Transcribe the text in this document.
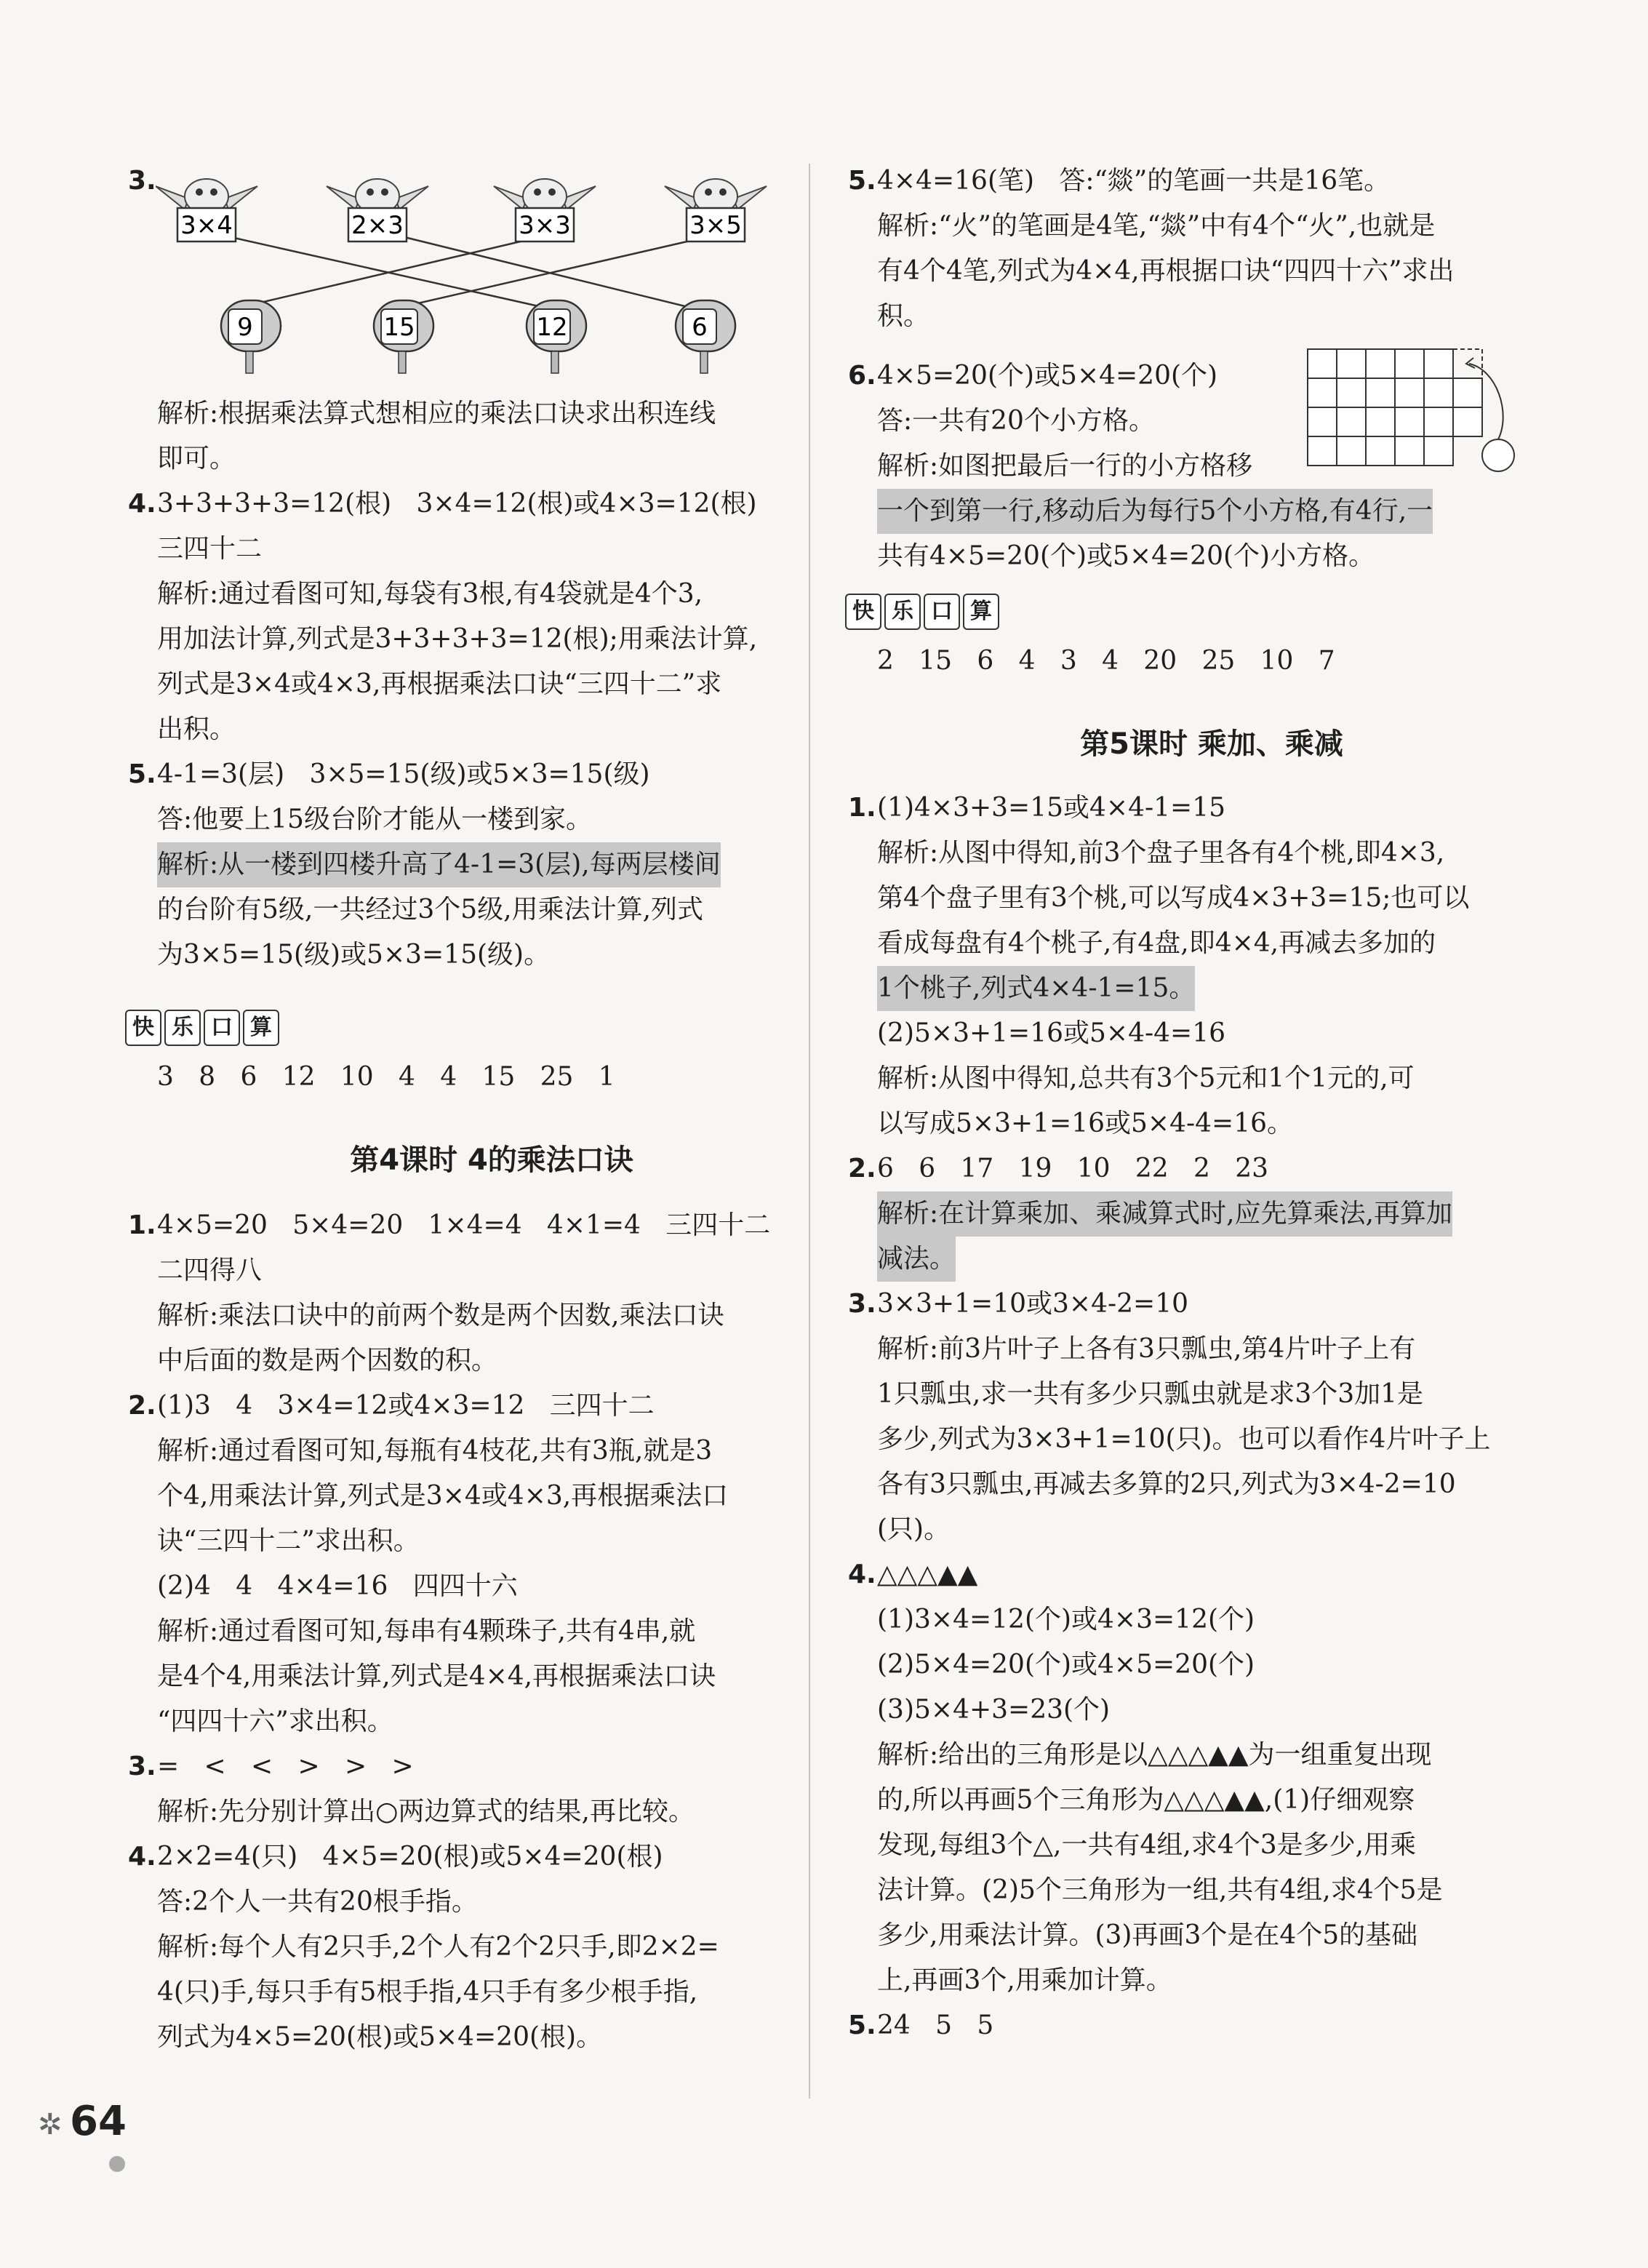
3×4	2×3	3×3	3×5
9	15	12	6
3.
解析:根据乘法算式想相应的乘法口诀求出积连线
即可。
4. 3+3+3+3=12(根)   3×4=12(根)或4×3=12(根)
三四十二
解析:通过看图可知,每袋有3根,有4袋就是4个3,
用加法计算,列式是3+3+3+3=12(根);用乘法计算,
列式是3×4或4×3,再根据乘法口诀“三四十二”求
出积。
5. 4-1=3(层)   3×5=15(级)或5×3=15(级)
答:他要上15级台阶才能从一楼到家。
解析:从一楼到四楼升高了4-1=3(层),每两层楼间
的台阶有5级,一共经过3个5级,用乘法计算,列式
为3×5=15(级)或5×3=15(级)。
快 乐 口 算
3   8   6   12   10   4   4   15   25   1
第4课时 4的乘法口诀
1. 4×5=20   5×4=20   1×4=4   4×1=4   三四十二
二四得八
解析:乘法口诀中的前两个数是两个因数,乘法口诀
中后面的数是两个因数的积。
2. (1)3   4   3×4=12或4×3=12   三四十二
解析:通过看图可知,每瓶有4枝花,共有3瓶,就是3
个4,用乘法计算,列式是3×4或4×3,再根据乘法口
诀“三四十二”求出积。
(2)4   4   4×4=16   四四十六
解析:通过看图可知,每串有4颗珠子,共有4串,就
是4个4,用乘法计算,列式是4×4,再根据乘法口诀
“四四十六”求出积。
3. =   <   <   >   >   >
解析:先分别计算出○两边算式的结果,再比较。
4. 2×2=4(只)   4×5=20(根)或5×4=20(根)
答:2个人一共有20根手指。
解析:每个人有2只手,2个人有2个2只手,即2×2=
4(只)手,每只手有5根手指,4只手有多少根手指,
列式为4×5=20(根)或5×4=20(根)。
5. 4×4=16(笔)   答:“燚”的笔画一共是16笔。
解析:“火”的笔画是4笔,“燚”中有4个“火”,也就是
有4个4笔,列式为4×4,再根据口诀“四四十六”求出
积。
6. 4×5=20(个)或5×4=20(个)
答:一共有20个小方格。
解析:如图把最后一行的小方格移
一个到第一行,移动后为每行5个小方格,有4行,一
共有4×5=20(个)或5×4=20(个)小方格。
快 乐 口 算
2   15   6   4   3   4   20   25   10   7
第5课时 乘加、乘减
1. (1)4×3+3=15或4×4-1=15
解析:从图中得知,前3个盘子里各有4个桃,即4×3,
第4个盘子里有3个桃,可以写成4×3+3=15;也可以
看成每盘有4个桃子,有4盘,即4×4,再减去多加的
1个桃子,列式4×4-1=15。
(2)5×3+1=16或5×4-4=16
解析:从图中得知,总共有3个5元和1个1元的,可
以写成5×3+1=16或5×4-4=16。
2. 6   6   17   19   10   22   2   23
解析:在计算乘加、乘减算式时,应先算乘法,再算加
减法。
3. 3×3+1=10或3×4-2=10
解析:前3片叶子上各有3只瓢虫,第4片叶子上有
1只瓢虫,求一共有多少只瓢虫就是求3个3加1是
多少,列式为3×3+1=10(只)。也可以看作4片叶子上
各有3只瓢虫,再减去多算的2只,列式为3×4-2=10
(只)。
4. △△△▲▲
(1)3×4=12(个)或4×3=12(个)
(2)5×4=20(个)或4×5=20(个)
(3)5×4+3=23(个)
解析:给出的三角形是以△△△▲▲为一组重复出现
的,所以再画5个三角形为△△△▲▲,(1)仔细观察
发现,每组3个△,一共有4组,求4个3是多少,用乘
法计算。(2)5个三角形为一组,共有4组,求4个5是
多少,用乘法计算。(3)再画3个是在4个5的基础
上,再画3个,用乘加计算。
5. 24   5   5
✲ 64
